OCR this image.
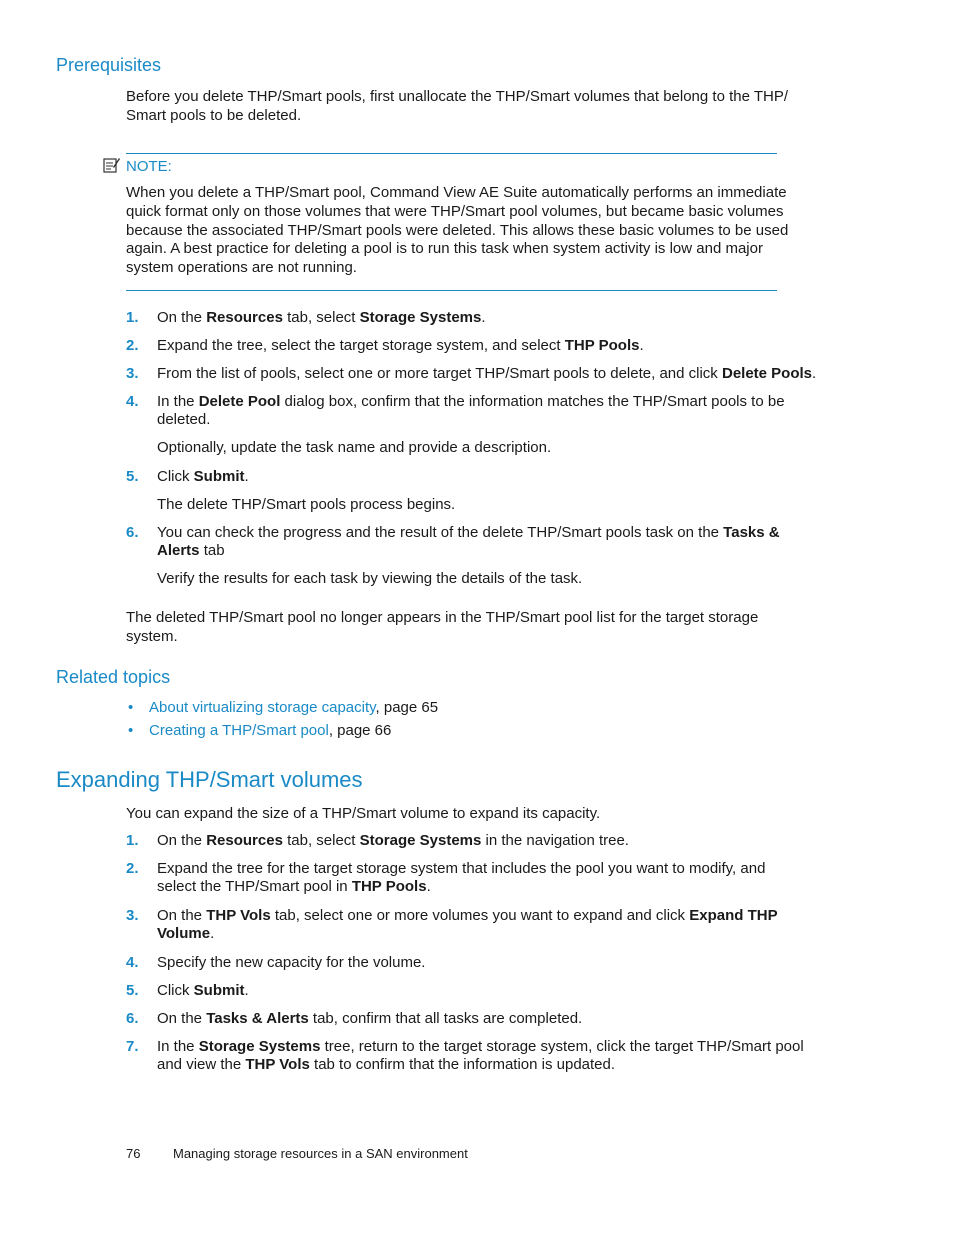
Prerequisites
Before you delete THP/Smart pools, first unallocate the THP/Smart volumes that belong to the THP/
Smart pools to be deleted.
NOTE:
When you delete a THP/Smart pool, Command View AE Suite automatically performs an immediate
quick format only on those volumes that were THP/Smart pool volumes, but became basic volumes
because the associated THP/Smart pools were deleted. This allows these basic volumes to be used
again. A best practice for deleting a pool is to run this task when system activity is low and major
system operations are not running.
1. On the Resources tab, select Storage Systems.
2. Expand the tree, select the target storage system, and select THP Pools.
3. From the list of pools, select one or more target THP/Smart pools to delete, and click Delete Pools.
4. In the Delete Pool dialog box, confirm that the information matches the THP/Smart pools to be
deleted.
Optionally, update the task name and provide a description.
5. Click Submit.
The delete THP/Smart pools process begins.
6. You can check the progress and the result of the delete THP/Smart pools task on the Tasks &
Alerts tab
Verify the results for each task by viewing the details of the task.
The deleted THP/Smart pool no longer appears in the THP/Smart pool list for the target storage
system.
Related topics
• About virtualizing storage capacity, page 65
• Creating a THP/Smart pool, page 66
Expanding THP/Smart volumes
You can expand the size of a THP/Smart volume to expand its capacity.
1. On the Resources tab, select Storage Systems in the navigation tree.
2. Expand the tree for the target storage system that includes the pool you want to modify, and
select the THP/Smart pool in THP Pools.
3. On the THP Vols tab, select one or more volumes you want to expand and click Expand THP
Volume.
4. Specify the new capacity for the volume.
5. Click Submit.
6. On the Tasks & Alerts tab, confirm that all tasks are completed.
7. In the Storage Systems tree, return to the target storage system, click the target THP/Smart pool
and view the THP Vols tab to confirm that the information is updated.
76	Managing storage resources in a SAN environment
